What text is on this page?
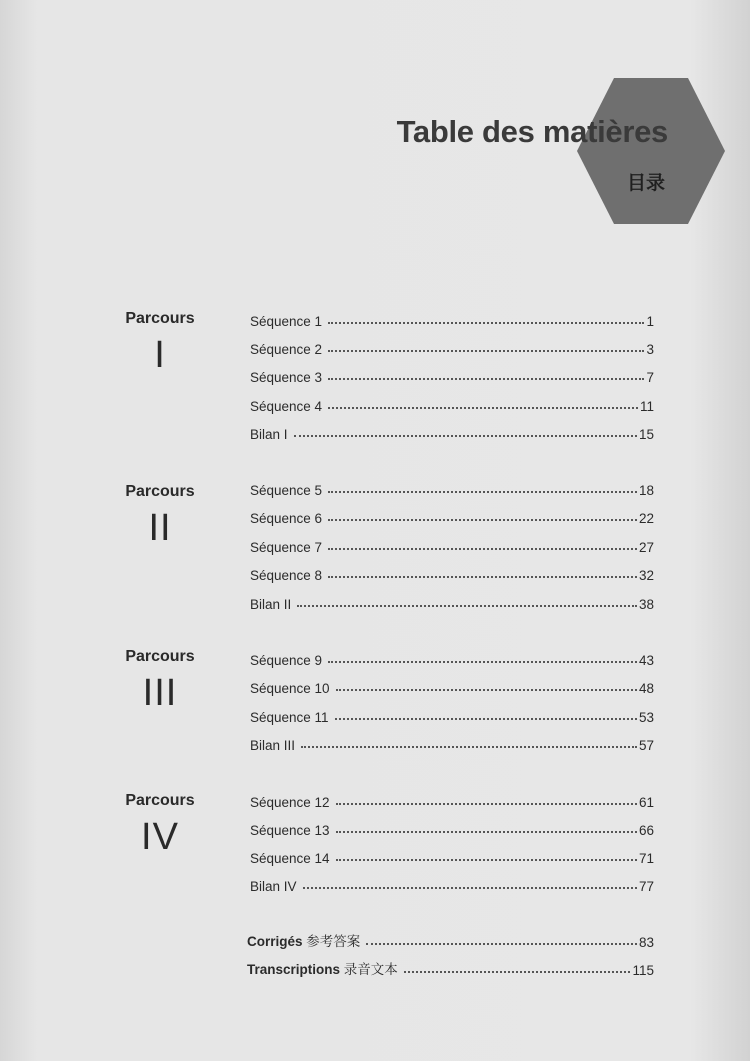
Table des matières
目录
Parcours
I
Séquence 1	1
Séquence 2	3
Séquence 3	7
Séquence 4	11
Bilan I	15
Parcours
II
Séquence 5	18
Séquence 6	22
Séquence 7	27
Séquence 8	32
Bilan II	38
Parcours
III
Séquence 9	43
Séquence 10	48
Séquence 11	53
Bilan III	57
Parcours
IV
Séquence 12	61
Séquence 13	66
Séquence 14	71
Bilan IV	77
Corrigés 参考答案	83
Transcriptions 录音文本	115
